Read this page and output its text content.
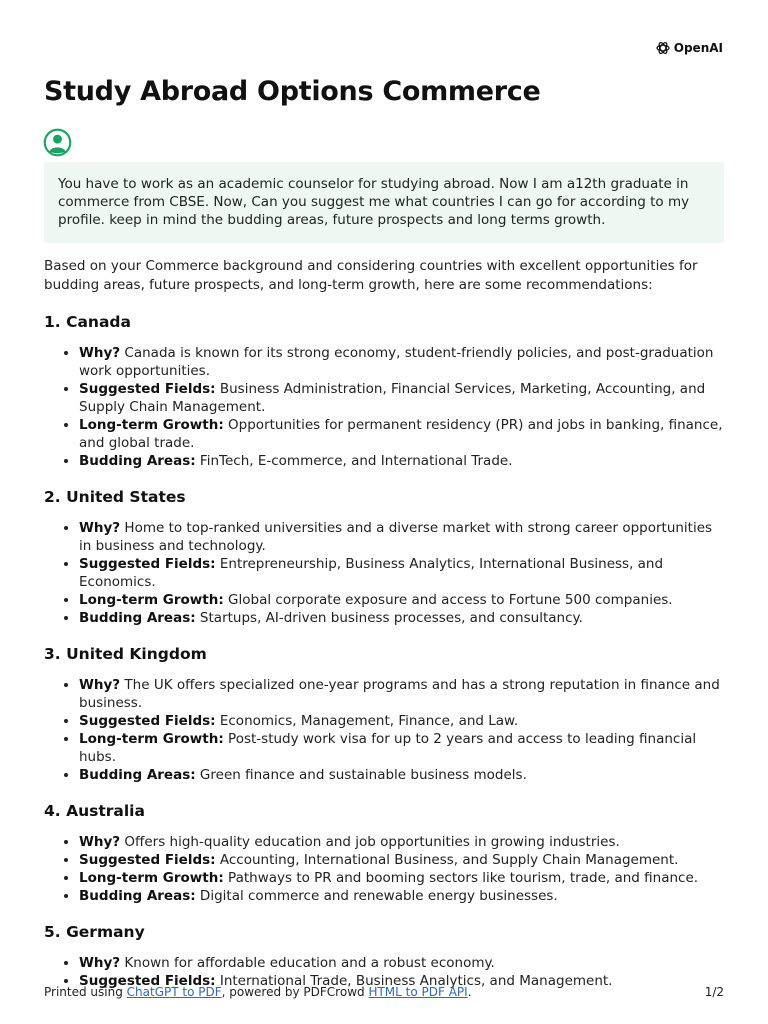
OpenAI
Study Abroad Options Commerce
You have to work as an academic counselor for studying abroad. Now I am a12th graduate in commerce from CBSE. Now, Can you suggest me what countries I can go for according to my profile. keep in mind the budding areas, future prospects and long terms growth.

Based on your Commerce background and considering countries with excellent opportunities for budding areas, future prospects, and long-term growth, here are some recommendations:

1. Canada
• Why? Canada is known for its strong economy, student-friendly policies, and post-graduation work opportunities.
• Suggested Fields: Business Administration, Financial Services, Marketing, Accounting, and Supply Chain Management.
• Long-term Growth: Opportunities for permanent residency (PR) and jobs in banking, finance, and global trade.
• Budding Areas: FinTech, E-commerce, and International Trade.
2. United States
• Why? Home to top-ranked universities and a diverse market with strong career opportunities in business and technology.
• Suggested Fields: Entrepreneurship, Business Analytics, International Business, and Economics.
• Long-term Growth: Global corporate exposure and access to Fortune 500 companies.
• Budding Areas: Startups, AI-driven business processes, and consultancy.
3. United Kingdom
• Why? The UK offers specialized one-year programs and has a strong reputation in finance and business.
• Suggested Fields: Economics, Management, Finance, and Law.
• Long-term Growth: Post-study work visa for up to 2 years and access to leading financial hubs.
• Budding Areas: Green finance and sustainable business models.
4. Australia
• Why? Offers high-quality education and job opportunities in growing industries.
• Suggested Fields: Accounting, International Business, and Supply Chain Management.
• Long-term Growth: Pathways to PR and booming sectors like tourism, trade, and finance.
• Budding Areas: Digital commerce and renewable energy businesses.
5. Germany
• Why? Known for affordable education and a robust economy.
• Suggested Fields: International Trade, Business Analytics, and Management.
Printed using ChatGPT to PDF, powered by PDFCrowd HTML to PDF API.	1/2
